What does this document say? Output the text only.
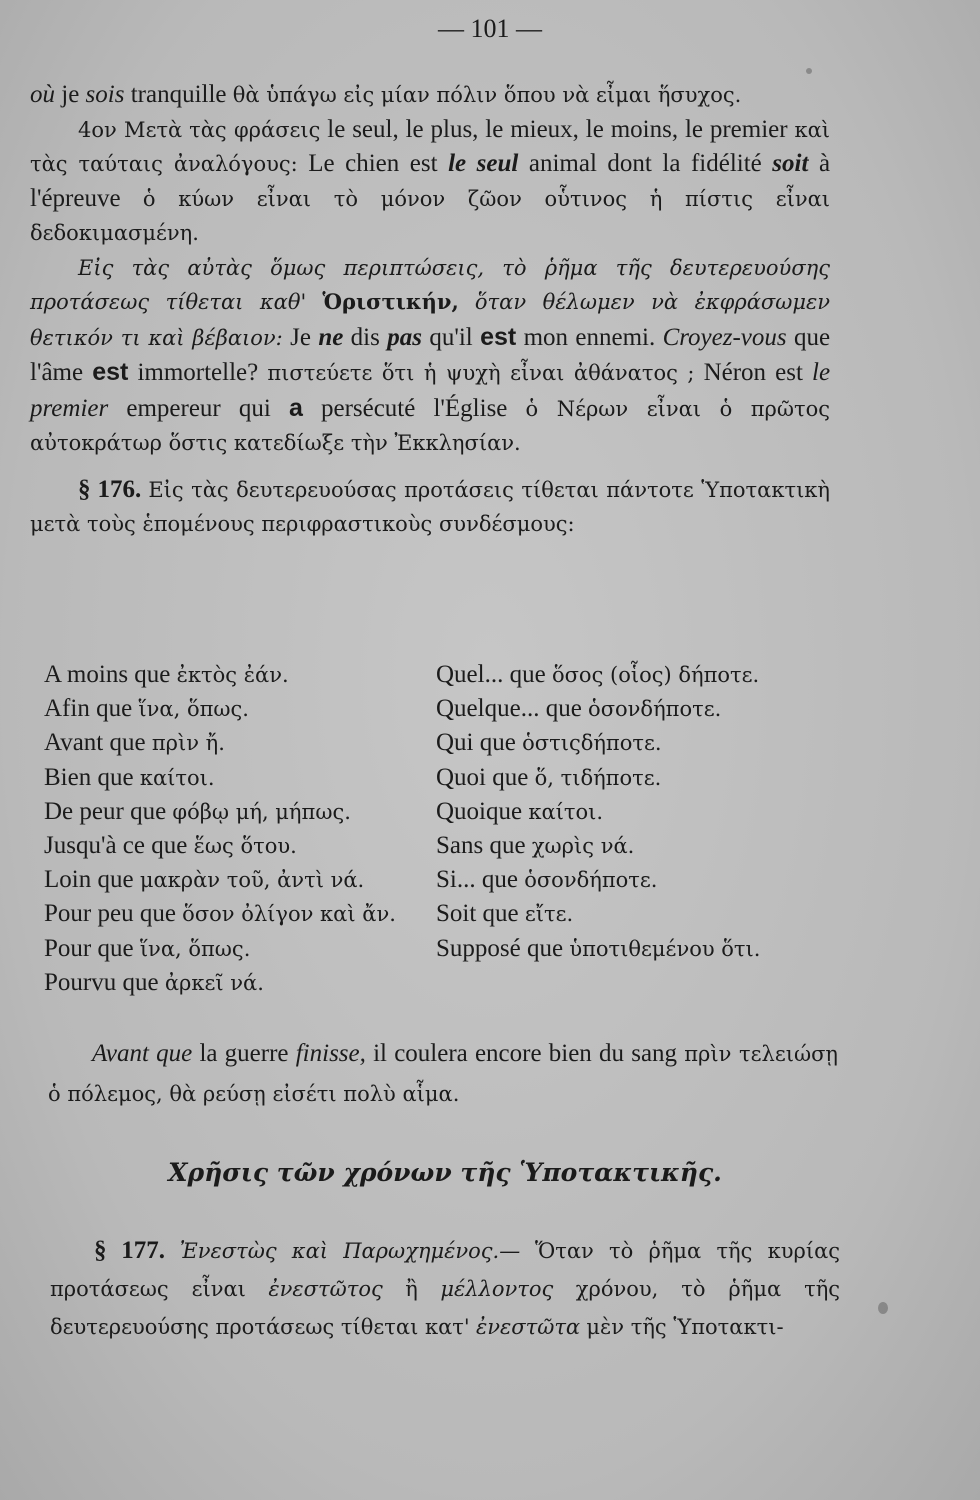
— 101 —

où je sois tranquille θὰ ὑπάγω εἰς μίαν πόλιν ὅπου νὰ εἶμαι ἥσυχος.

4ον Μετὰ τὰς φράσεις le seul, le plus, le mieux, le moins, le premier καὶ τὰς ταύταις ἀναλόγους: Le chien est le seul animal dont la fidélité soit à l'épreuve ὁ κύων εἶναι τὸ μόνον ζῶον οὗτινος ἡ πίστις εἶναι δεδοκιμασμένη.

Εἰς τὰς αὐτὰς ὅμως περιπτώσεις, τὸ ῥῆμα τῆς δευτερευούσης προτάσεως τίθεται καθ' Ὁριστικήν, ὅταν θέλωμεν νὰ ἐκφράσωμεν θετικόν τι καὶ βέβαιον: Je ne dis pas qu'il est mon ennemi. Croyez-vous que l'âme est immortelle? πιστεύετε ὅτι ἡ ψυχὴ εἶναι ἀθάνατος ; Néron est le premier empereur qui a persécuté l'Église ὁ Νέρων εἶναι ὁ πρῶτος αὐτοκράτωρ ὅστις κατεδίωξε τὴν Ἐκκλησίαν.

§ 176. Εἰς τὰς δευτερευούσας προτάσεις τίθεται πάντοτε Ὑποτακτικὴ μετὰ τοὺς ἑπομένους περιφραστικοὺς συνδέσμους:

A moins que ἐκτὸς ἐάν.
Afin que ἵνα, ὅπως.
Avant que πρὶν ἤ.
Bien que καίτοι.
De peur que φόβῳ μή, μήπως.
Jusqu'à ce que ἕως ὅτου.
Loin que μακρὰν τοῦ, ἀντὶ νά.
Pour peu que ὅσον ὀλίγον καὶ ἄν.
Pour que ἵνα, ὅπως.
Pourvu que ἀρκεῖ νά.
Quel... que ὅσος (οἷος) δήποτε.
Quelque... que ὁσονδήποτε.
Qui que ὁστιςδήποτε.
Quoi que ὅ, τιδήποτε.
Quoique καίτοι.
Sans que χωρὶς νά.
Si... que ὁσονδήποτε.
Soit que εἴτε.
Supposé que ὑποτιθεμένου ὅτι.
Avant que la guerre finisse, il coulera encore bien du sang πρὶν τελειώσῃ ὁ πόλεμος, θὰ ρεύσῃ εἰσέτι πολὺ αἷμα.
Χρῆσις τῶν χρόνων τῆς Ὑποτακτικῆς.
§ 177. Ἐνεστὼς καὶ Παρωχημένος.— Ὅταν τὸ ῥῆμα τῆς κυρίας προτάσεως εἶναι ἐνεστῶτος ἢ μέλλοντος χρόνου, τὸ ῥῆμα τῆς δευτερευούσης προτάσεως τίθεται κατ' ἐνεστῶτα μὲν τῆς Ὑποτακτι-
